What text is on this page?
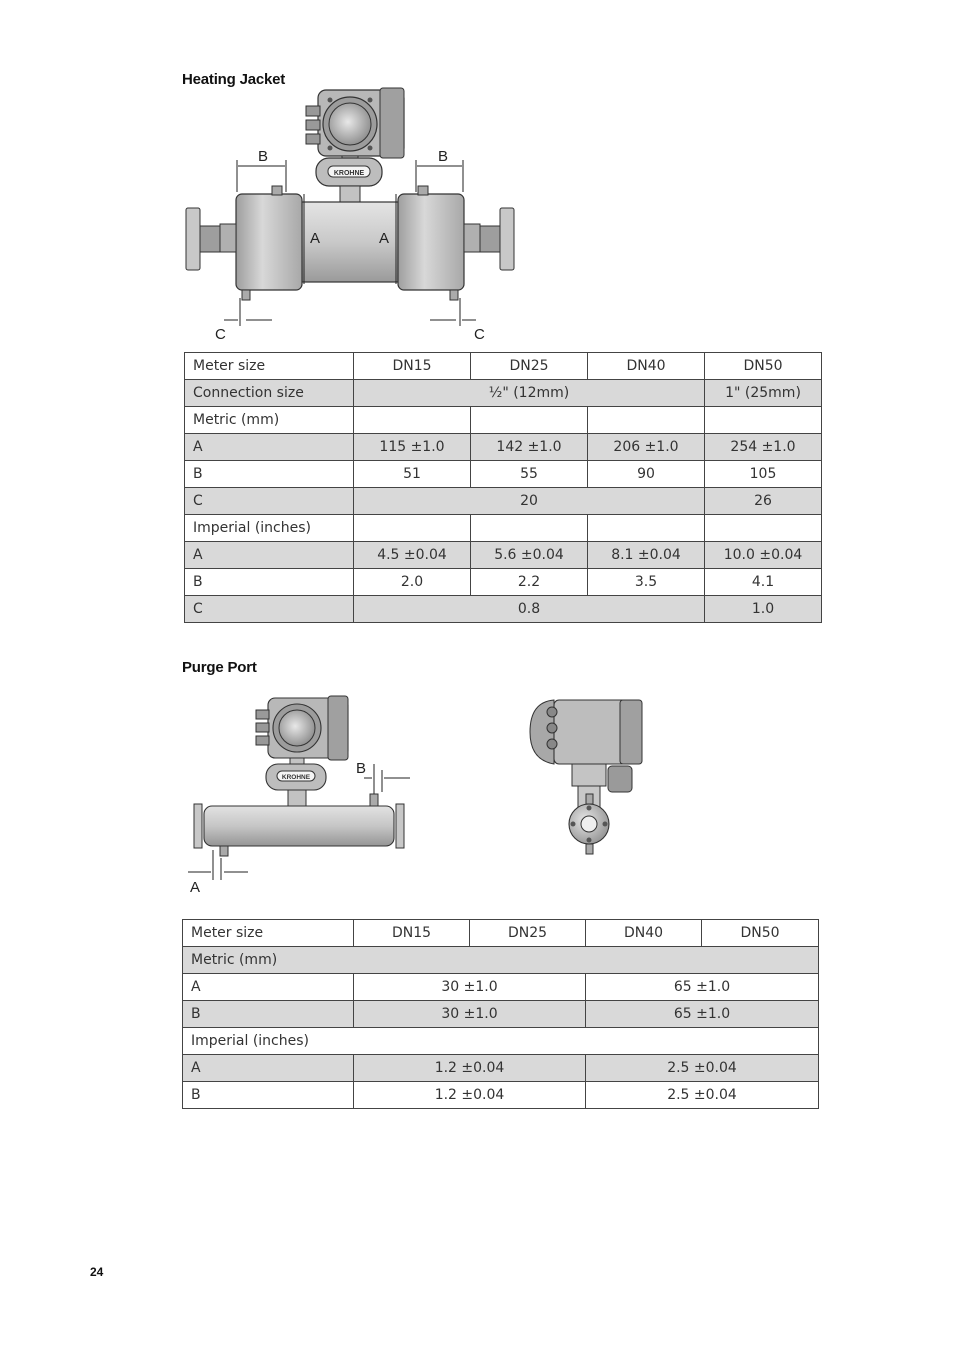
Heating Jacket
KROHNE
B	B
A	A
C	C
Meter size	DN15	DN25	DN40	DN50
Connection size	½" (12mm)			1" (25mm)
Metric (mm)				
A	115 ±1.0	142 ±1.0	206 ±1.0	254 ±1.0
B	51	55	90	105
C	20			26
Imperial (inches)				
A	4.5 ±0.04	5.6 ±0.04	8.1 ±0.04	10.0 ±0.04
B	2.0	2.2	3.5	4.1
C	0.8			1.0
Purge Port
KROHNE
B
A
Meter size	DN15	DN25	DN40	DN50
Metric (mm)				
A	30 ±1.0		65 ±1.0	
B	30 ±1.0		65 ±1.0	
Imperial (inches)				
A	1.2 ±0.04		2.5 ±0.04	
B	1.2 ±0.04		2.5 ±0.04	
24
